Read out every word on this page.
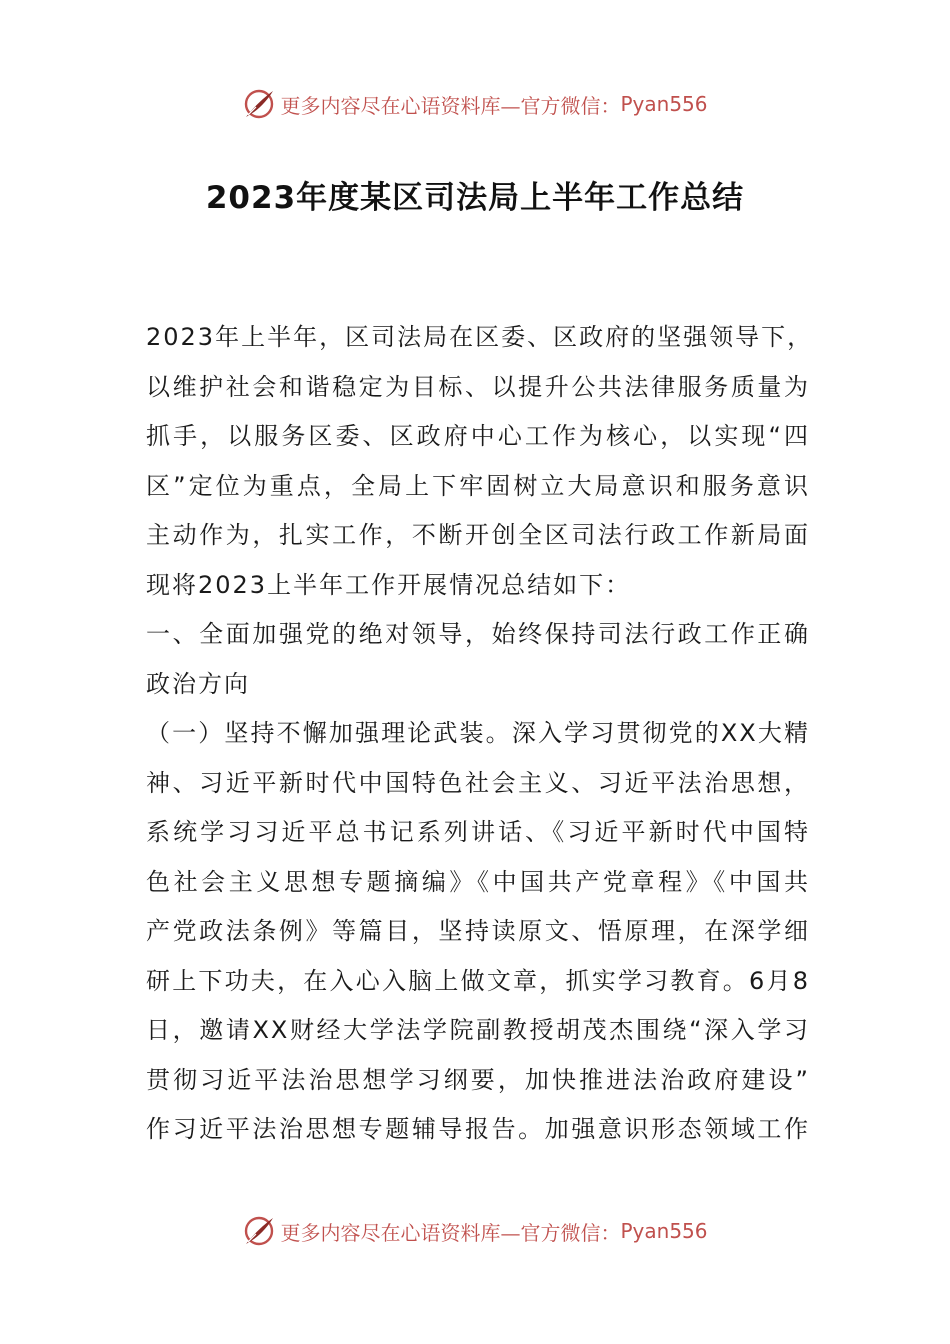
更多内容尽在心语资料库—官方微信： Pyan556
2023年度某区司法局上半年工作总结
2023年上半年，区司法局在区委、区政府的坚强领导下，
以维护社会和谐稳定为目标、以提升公共法律服务质量为
抓手，以服务区委、区政府中心工作为核心，以实现“四
区”定位为重点，全局上下牢固树立大局意识和服务意识
主动作为，扎实工作，不断开创全区司法行政工作新局面
现将2023上半年工作开展情况总结如下：
一、全面加强党的绝对领导，始终保持司法行政工作正确
政治方向
（一）坚持不懈加强理论武装。深入学习贯彻党的XX大精
神、习近平新时代中国特色社会主义、习近平法治思想，
系统学习习近平总书记系列讲话、《习近平新时代中国特
色社会主义思想专题摘编》《中国共产党章程》《中国共
产党政法条例》等篇目，坚持读原文、悟原理，在深学细
研上下功夫，在入心入脑上做文章，抓实学习教育。6月8
日，邀请XX财经大学法学院副教授胡茂杰围绕“深入学习
贯彻习近平法治思想学习纲要，加快推进法治政府建设”
作习近平法治思想专题辅导报告。加强意识形态领域工作
更多内容尽在心语资料库—官方微信： Pyan556
